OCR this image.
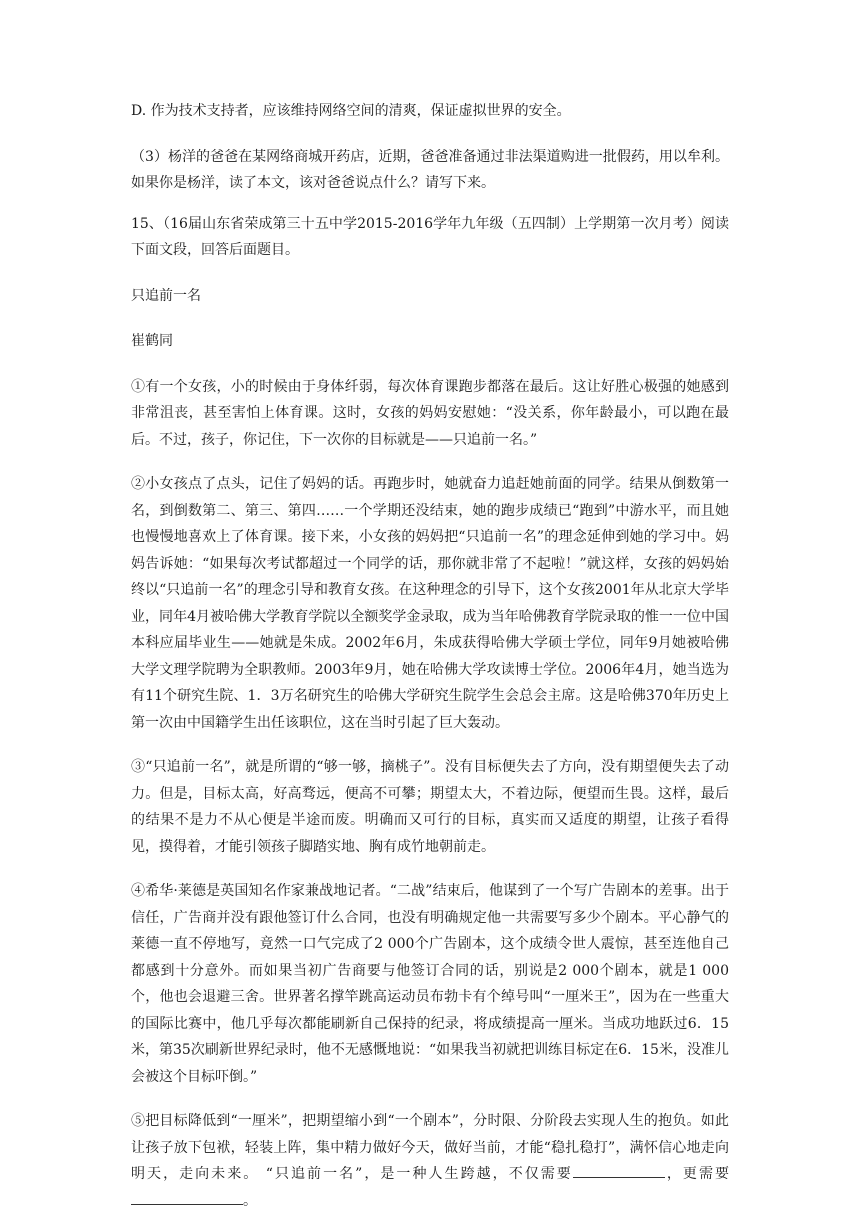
D. 作为技术支持者，应该维持网络空间的清爽，保证虚拟世界的安全。

（3）杨洋的爸爸在某网络商城开药店，近期，爸爸准备通过非法渠道购进一批假药，用以牟利。如果你是杨洋，读了本文，该对爸爸说点什么？请写下来。

15、（16届山东省荣成第三十五中学2015-2016学年九年级（五四制）上学期第一次月考）阅读下面文段，回答后面题目。

只追前一名

崔鹤同

①有一个女孩，小的时候由于身体纤弱，每次体育课跑步都落在最后。这让好胜心极强的她感到非常沮丧，甚至害怕上体育课。这时，女孩的妈妈安慰她：“没关系，你年龄最小，可以跑在最后。不过，孩子，你记住，下一次你的目标就是——只追前一名。”

②小女孩点了点头，记住了妈妈的话。再跑步时，她就奋力追赶她前面的同学。结果从倒数第一名，到倒数第二、第三、第四……一个学期还没结束，她的跑步成绩已“跑到”中游水平，而且她也慢慢地喜欢上了体育课。接下来，小女孩的妈妈把“只追前一名”的理念延伸到她的学习中。妈妈告诉她：“如果每次考试都超过一个同学的话，那你就非常了不起啦！”就这样，女孩的妈妈始终以“只追前一名”的理念引导和教育女孩。在这种理念的引导下，这个女孩2001年从北京大学毕业，同年4月被哈佛大学教育学院以全额奖学金录取，成为当年哈佛教育学院录取的惟一一位中国本科应届毕业生——她就是朱成。2002年6月，朱成获得哈佛大学硕士学位，同年9月她被哈佛大学文理学院聘为全职教师。2003年9月，她在哈佛大学攻读博士学位。2006年4月，她当选为有11个研究生院、1．3万名研究生的哈佛大学研究生院学生会总会主席。这是哈佛370年历史上第一次由中国籍学生出任该职位，这在当时引起了巨大轰动。

③“只追前一名”，就是所谓的“够一够，摘桃子”。没有目标便失去了方向，没有期望便失去了动力。但是，目标太高，好高骛远，便高不可攀；期望太大，不着边际，便望而生畏。这样，最后的结果不是力不从心便是半途而废。明确而又可行的目标，真实而又适度的期望，让孩子看得见，摸得着，才能引领孩子脚踏实地、胸有成竹地朝前走。

④希华·莱德是英国知名作家兼战地记者。“二战”结束后，他谋到了一个写广告剧本的差事。出于信任，广告商并没有跟他签订什么合同，也没有明确规定他一共需要写多少个剧本。平心静气的莱德一直不停地写，竟然一口气完成了2 000个广告剧本，这个成绩令世人震惊，甚至连他自己都感到十分意外。而如果当初广告商要与他签订合同的话，别说是2 000个剧本，就是1 000个，他也会退避三舍。世界著名撑竿跳高运动员布勃卡有个绰号叫“一厘米王”，因为在一些重大的国际比赛中，他几乎每次都能刷新自己保持的纪录，将成绩提高一厘米。当成功地跃过6．15米，第35次刷新世界纪录时，他不无感慨地说：“如果我当初就把训练目标定在6．15米，没准儿会被这个目标吓倒。”

⑤把目标降低到“一厘米”，把期望缩小到“一个剧本”，分时限、分阶段去实现人生的抱负。如此让孩子放下包袱，轻装上阵，集中精力做好今天，做好当前，才能“稳扎稳打”，满怀信心地走向明天，走向未来。 “只追前一名”，是一种人生跨越，不仅需要	，更需要。
